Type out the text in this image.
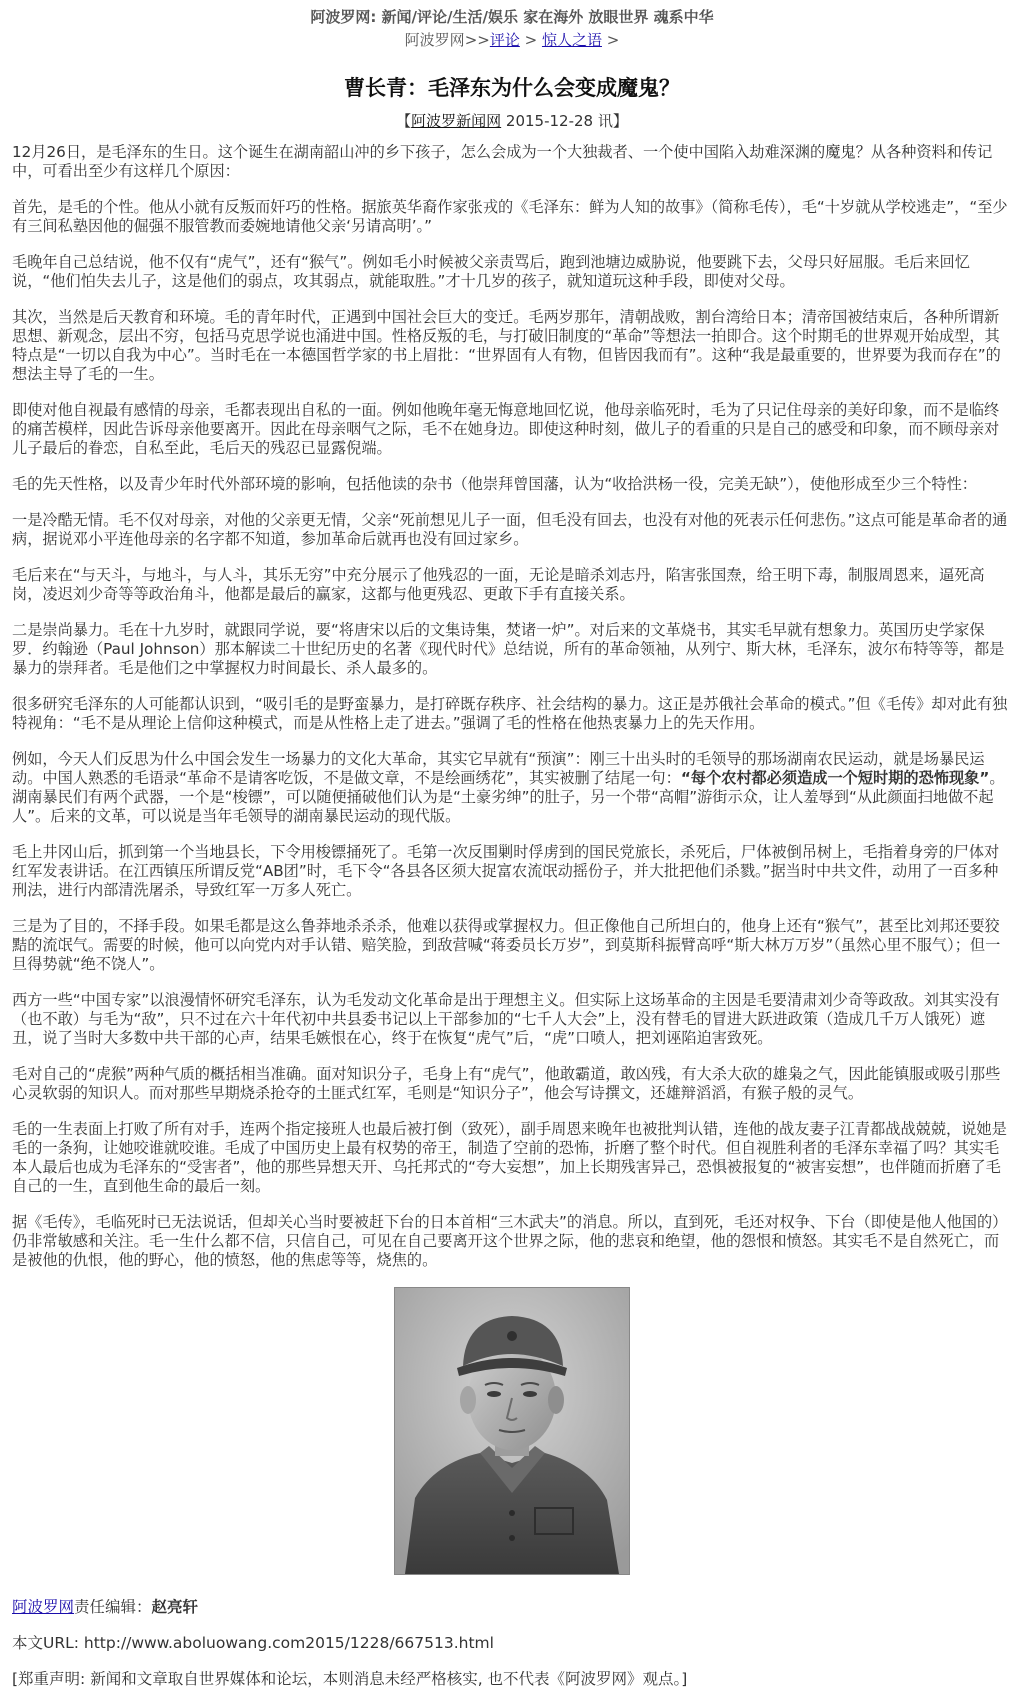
阿波罗网: 新闻/评论/生活/娱乐 家在海外 放眼世界 魂系中华
阿波罗网>>评论 > 惊人之语 >
曹长青：毛泽东为什么会变成魔鬼？
【阿波罗新闻网 2015-12-28 讯】

12月26日，是毛泽东的生日。这个诞生在湖南韶山冲的乡下孩子，怎么会成为一个大独裁者、一个使中国陷入劫难深渊的魔鬼？从各种资料和传记中，可看出至少有这样几个原因：

首先，是毛的个性。他从小就有反叛而奸巧的性格。据旅英华裔作家张戎的《毛泽东：鲜为人知的故事》（简称毛传），毛“十岁就从学校逃走”，“至少有三间私塾因他的倔强不服管教而委婉地请他父亲‘另请高明’。”

毛晚年自己总结说，他不仅有“虎气”，还有“猴气”。例如毛小时候被父亲责骂后，跑到池塘边威胁说，他要跳下去，父母只好屈服。毛后来回忆说，“他们怕失去儿子，这是他们的弱点，攻其弱点，就能取胜。”才十几岁的孩子，就知道玩这种手段，即使对父母。

其次，当然是后天教育和环境。毛的青年时代，正遇到中国社会巨大的变迁。毛两岁那年，清朝战败，割台湾给日本；清帝国被结束后，各种所谓新思想、新观念，层出不穷，包括马克思学说也涌进中国。性格反叛的毛，与打破旧制度的“革命”等想法一拍即合。这个时期毛的世界观开始成型，其特点是“一切以自我为中心”。当时毛在一本德国哲学家的书上眉批：“世界固有人有物，但皆因我而有”。这种“我是最重要的，世界要为我而存在”的想法主导了毛的一生。

即使对他自视最有感情的母亲，毛都表现出自私的一面。例如他晚年毫无悔意地回忆说，他母亲临死时，毛为了只记住母亲的美好印象，而不是临终的痛苦模样，因此告诉母亲他要离开。因此在母亲咽气之际，毛不在她身边。即使这种时刻，做儿子的看重的只是自己的感受和印象，而不顾母亲对儿子最后的眷恋，自私至此，毛后天的残忍已显露倪端。

毛的先天性格，以及青少年时代外部环境的影响，包括他读的杂书（他崇拜曾国藩，认为“收拾洪杨一役，完美无缺”），使他形成至少三个特性：

一是冷酷无情。毛不仅对母亲，对他的父亲更无情，父亲“死前想见儿子一面，但毛没有回去，也没有对他的死表示任何悲伤。”这点可能是革命者的通病，据说邓小平连他母亲的名字都不知道，参加革命后就再也没有回过家乡。

毛后来在“与天斗，与地斗，与人斗，其乐无穷”中充分展示了他残忍的一面，无论是暗杀刘志丹，陷害张国焘，给王明下毒，制服周恩来，逼死高岗，凌迟刘少奇等等政治角斗，他都是最后的赢家，这都与他更残忍、更敢下手有直接关系。

二是崇尚暴力。毛在十九岁时，就跟同学说，要“将唐宋以后的文集诗集，焚诸一炉”。对后来的文革烧书，其实毛早就有想象力。英国历史学家保罗．约翰逊（Paul Johnson）那本解读二十世纪历史的名著《现代时代》总结说，所有的革命领袖，从列宁、斯大林，毛泽东，波尔布特等等，都是暴力的崇拜者。毛是他们之中掌握权力时间最长、杀人最多的。

很多研究毛泽东的人可能都认识到，“吸引毛的是野蛮暴力，是打碎既存秩序、社会结构的暴力。这正是苏俄社会革命的模式。”但《毛传》却对此有独特视角：“毛不是从理论上信仰这种模式，而是从性格上走了进去。”强调了毛的性格在他热衷暴力上的先天作用。

例如，今天人们反思为什么中国会发生一场暴力的文化大革命，其实它早就有“预演”：刚三十出头时的毛领导的那场湖南农民运动，就是场暴民运动。中国人熟悉的毛语录“革命不是请客吃饭，不是做文章，不是绘画绣花”，其实被删了结尾一句：“每个农村都必须造成一个短时期的恐怖现象”。湖南暴民们有两个武器，一个是“梭镖”，可以随便捅破他们认为是“土豪劣绅”的肚子，另一个带“高帽”游街示众，让人羞辱到“从此颜面扫地做不起人”。后来的文革，可以说是当年毛领导的湖南暴民运动的现代版。

毛上井冈山后，抓到第一个当地县长，下令用梭镖捅死了。毛第一次反围剿时俘虏到的国民党旅长，杀死后，尸体被倒吊树上，毛指着身旁的尸体对红军发表讲话。在江西镇压所谓反党“AB团”时，毛下令“各县各区须大捉富农流氓动摇份子，并大批把他们杀戮。”据当时中共文件，动用了一百多种刑法，进行内部清洗屠杀，导致红军一万多人死亡。

三是为了目的，不择手段。如果毛都是这么鲁莽地杀杀杀，他难以获得或掌握权力。但正像他自己所坦白的，他身上还有“猴气”，甚至比刘邦还要狡黠的流氓气。需要的时候，他可以向党内对手认错、赔笑脸，到敌营喊“蒋委员长万岁”，到莫斯科振臂高呼“斯大林万万岁”（虽然心里不服气）；但一旦得势就“绝不饶人”。

西方一些“中国专家”以浪漫情怀研究毛泽东，认为毛发动文化革命是出于理想主义。但实际上这场革命的主因是毛要清肃刘少奇等政敌。刘其实没有（也不敢）与毛为“敌”，只不过在六十年代初中共县委书记以上干部参加的“七千人大会”上，没有替毛的冒进大跃进政策（造成几千万人饿死）遮丑，说了当时大多数中共干部的心声，结果毛嫉恨在心，终于在恢复“虎气”后，“虎”口喷人，把刘诬陷迫害致死。

毛对自己的“虎猴”两种气质的概括相当准确。面对知识分子，毛身上有“虎气”，他敢霸道，敢凶残，有大杀大砍的雄枭之气，因此能镇服或吸引那些心灵软弱的知识人。而对那些早期烧杀抢夺的土匪式红军，毛则是“知识分子”，他会写诗撰文，还雄辩滔滔，有猴子般的灵气。

毛的一生表面上打败了所有对手，连两个指定接班人也最后被打倒（致死），副手周恩来晚年也被批判认错，连他的战友妻子江青都战战兢兢，说她是毛的一条狗，让她咬谁就咬谁。毛成了中国历史上最有权势的帝王，制造了空前的恐怖，折磨了整个时代。但自视胜利者的毛泽东幸福了吗？其实毛本人最后也成为毛泽东的“受害者”，他的那些异想天开、乌托邦式的“夸大妄想”，加上长期残害异己，恐惧被报复的“被害妄想”，也伴随而折磨了毛自己的一生，直到他生命的最后一刻。

据《毛传》，毛临死时已无法说话，但却关心当时要被赶下台的日本首相“三木武夫”的消息。所以，直到死，毛还对权争、下台（即使是他人他国的）仍非常敏感和关注。毛一生什么都不信，只信自己，可见在自己要离开这个世界之际，他的悲哀和绝望，他的怨恨和愤怒。其实毛不是自然死亡，而是被他的仇恨，他的野心，他的愤怒，他的焦虑等等，烧焦的。

阿波罗网责任编辑：赵亮轩

本文URL: http://www.aboluowang.com2015/1228/667513.html

[郑重声明: 新闻和文章取自世界媒体和论坛，本则消息未经严格核实, 也不代表《阿波罗网》观点。]
